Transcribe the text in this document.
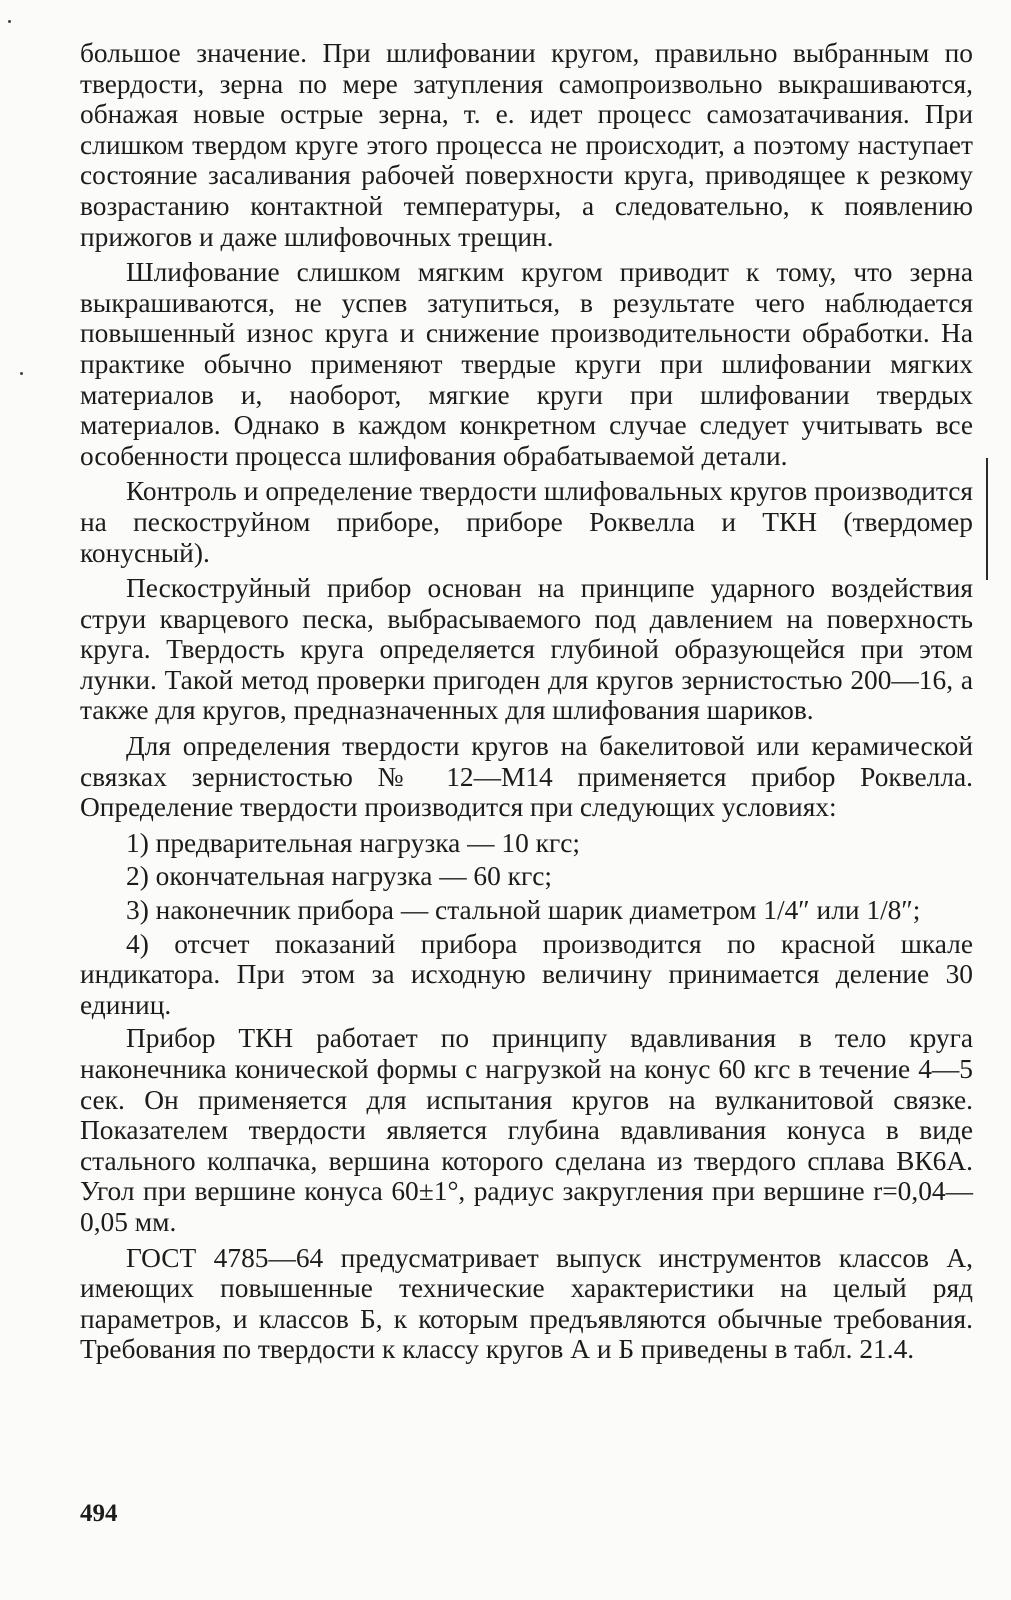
большое значение. При шлифовании кругом, правильно выбранным по твердости, зерна по мере затупления самопроизвольно выкрашиваются, обнажая новые острые зерна, т. е. идет процесс самозатачивания. При слишком твердом круге этого процесса не происходит, а поэтому наступает состояние засаливания рабочей поверхности круга, приводящее к резкому возрастанию контактной температуры, а следовательно, к появлению прижогов и даже шлифовочных трещин.

Шлифование слишком мягким кругом приводит к тому, что зерна выкрашиваются, не успев затупиться, в результате чего наблюдается повышенный износ круга и снижение производительности обработки. На практике обычно применяют твердые круги при шлифовании мягких материалов и, наоборот, мягкие круги при шлифовании твердых материалов. Однако в каждом конкретном случае следует учитывать все особенности процесса шлифования обрабатываемой детали.

Контроль и определение твердости шлифовальных кругов производится на пескоструйном приборе, приборе Роквелла и ТКН (твердомер конусный).

Пескоструйный прибор основан на принципе ударного воздействия струи кварцевого песка, выбрасываемого под давлением на поверхность круга. Твердость круга определяется глубиной образующейся при этом лунки. Такой метод проверки пригоден для кругов зернистостью 200—16, а также для кругов, предназначенных для шлифования шариков.

Для определения твердости кругов на бакелитовой или керамической связках зернистостью № 12—М14 применяется прибор Роквелла. Определение твердости производится при следующих условиях:

1) предварительная нагрузка — 10 кгс;

2) окончательная нагрузка — 60 кгс;

3) наконечник прибора — стальной шарик диаметром 1/4″ или 1/8″;

4) отсчет показаний прибора производится по красной шкале индикатора. При этом за исходную величину принимается деление 30 единиц.

Прибор ТКН работает по принципу вдавливания в тело круга наконечника конической формы с нагрузкой на конус 60 кгс в течение 4—5 сек. Он применяется для испытания кругов на вулканитовой связке. Показателем твердости является глубина вдавливания конуса в виде стального колпачка, вершина которого сделана из твердого сплава ВК6А. Угол при вершине конуса 60±1°, радиус закругления при вершине r=0,04—0,05 мм.

ГОСТ 4785—64 предусматривает выпуск инструментов классов А, имеющих повышенные технические характеристики на целый ряд параметров, и классов Б, к которым предъявляются обычные требования. Требования по твердости к классу кругов А и Б приведены в табл. 21.4.

494
